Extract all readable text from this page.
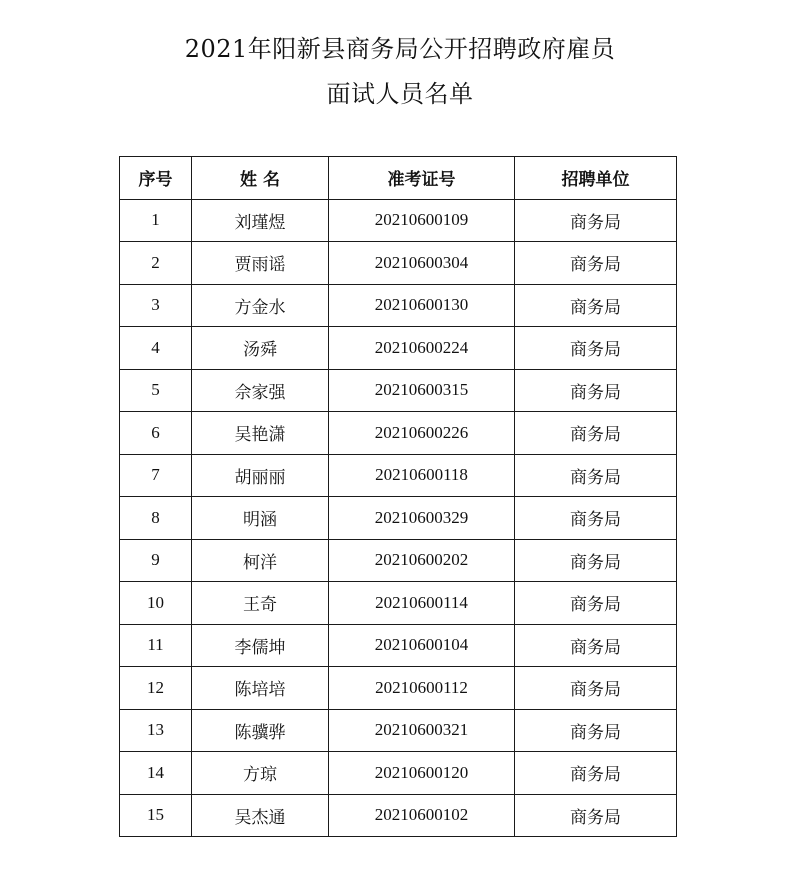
2021年阳新县商务局公开招聘政府雇员
面试人员名单
序号	姓 名	准考证号	招聘单位
1	刘瑾煜	20210600109	商务局
2	贾雨谣	20210600304	商务局
3	方金水	20210600130	商务局
4	汤舜	20210600224	商务局
5	佘家强	20210600315	商务局
6	吴艳潇	20210600226	商务局
7	胡丽丽	20210600118	商务局
8	明涵	20210600329	商务局
9	柯洋	20210600202	商务局
10	王奇	20210600114	商务局
11	李儒坤	20210600104	商务局
12	陈培培	20210600112	商务局
13	陈骥骅	20210600321	商务局
14	方琼	20210600120	商务局
15	吴杰通	20210600102	商务局
